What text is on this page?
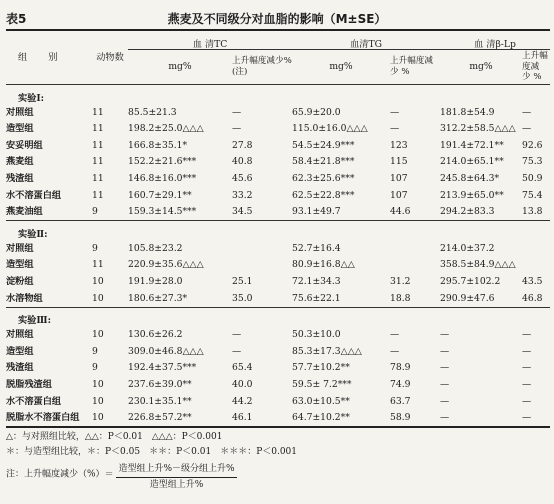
表5	燕麦及不同级分对血脂的影响（M±SE）
组　别	动物数	血 清TC		血清TG		血 清β-Lp	
		mg%	上升幅度减少%(注)	mg%	上升幅度减 少 %	mg%	上升幅度减 少 %
实验Ⅰ:							
对照组	11	85.5±21.3	—	65.9±20.0	—	181.8±54.9	—
造型组	11	198.2±25.0△△△	—	115.0±16.0△△△	—	312.2±58.5△△△	—
安妥明组	11	166.8±35.1*	27.8	54.5±24.9***	123	191.4±72.1**	92.6
燕麦组	11	152.2±21.6***	40.8	58.4±21.8***	115	214.0±65.1**	75.3
残渣组	11	146.8±16.0***	45.6	62.3±25.6***	107	245.8±64.3*	50.9
水不溶蛋白组	11	160.7±29.1**	33.2	62.5±22.8***	107	213.9±65.0**	75.4
燕麦油组	9	159.3±14.5***	34.5	93.1±49.7	44.6	294.2±83.3	13.8
实验Ⅱ:							
对照组	9	105.8±23.2		52.7±16.4		214.0±37.2	
造型组	11	220.9±35.6△△△		80.9±16.8△△		358.5±84.9△△△	
淀粉组	10	191.9±28.0	25.1	72.1±34.3	31.2	295.7±102.2	43.5
水溶物组	10	180.6±27.3*	35.0	75.6±22.1	18.8	290.9±47.6	46.8
实验Ⅲ:							
对照组	10	130.6±26.2	—	50.3±10.0	—	—	—
造型组	9	309.0±46.8△△△	—	85.3±17.3△△△	—	—	—
残渣组	9	192.4±37.5***	65.4	57.7±10.2**	78.9	—	—
脱脂残渣组	10	237.6±39.0**	40.0	59.5± 7.2***	74.9	—	—
水不溶蛋白组	10	230.1±35.1**	44.2	63.0±10.5**	63.7	—	—
脱脂水不溶蛋白组	10	226.8±57.2**	46.1	64.7±10.2**	58.9	—	—
△：与对照组比较，△△：P＜0.01　△△△：P＜0.001
＊：与造型组比较，＊：P＜0.05　＊＊：P＜0.01　＊＊＊：P＜0.001
注：上升幅度减少（%）＝ $\frac{\text{造型组上升\%－级分组上升\%}}{\text{造型组上升\%}}$
